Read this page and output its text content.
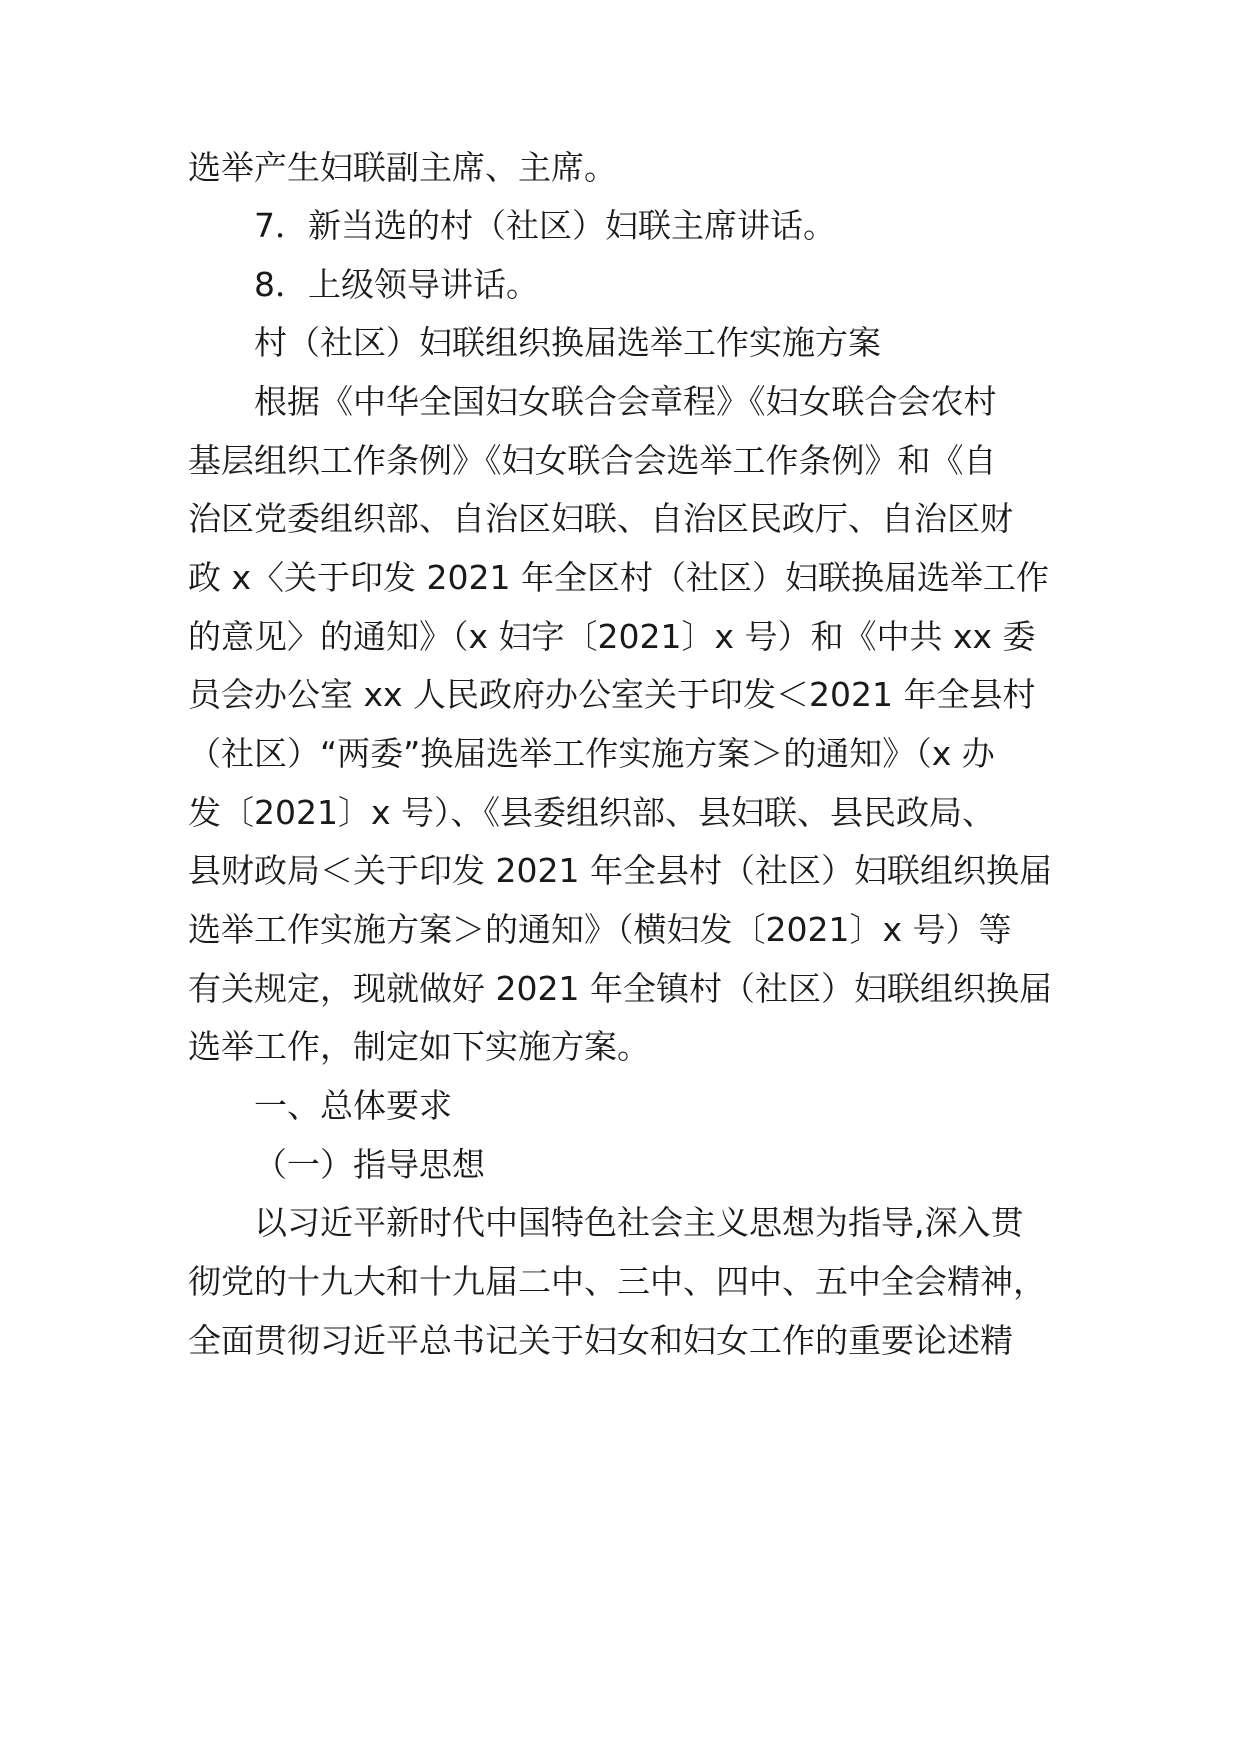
选举产生妇联副主席、主席。
7．新当选的村（社区）妇联主席讲话。
8．上级领导讲话。
村（社区）妇联组织换届选举工作实施方案
根据《中华全国妇女联合会章程》《妇女联合会农村
基层组织工作条例》《妇女联合会选举工作条例》和《自
治区党委组织部、自治区妇联、自治区民政厅、自治区财
政 x〈关于印发 2021 年全区村（社区）妇联换届选举工作
的意见〉的通知》（x 妇字〔2021〕x 号）和《中共 xx 委
员会办公室 xx 人民政府办公室关于印发＜2021 年全县村
（社区）“两委”换届选举工作实施方案＞的通知》（x 办
发〔2021〕x 号）、《县委组织部、县妇联、县民政局、
县财政局＜关于印发 2021 年全县村（社区）妇联组织换届
选举工作实施方案＞的通知》（横妇发〔2021〕x 号）等
有关规定，现就做好 2021 年全镇村（社区）妇联组织换届
选举工作，制定如下实施方案。
一、总体要求
（一）指导思想
以习近平新时代中国特色社会主义思想为指导,深入贯
彻党的十九大和十九届二中、三中、四中、五中全会精神，
全面贯彻习近平总书记关于妇女和妇女工作的重要论述精
